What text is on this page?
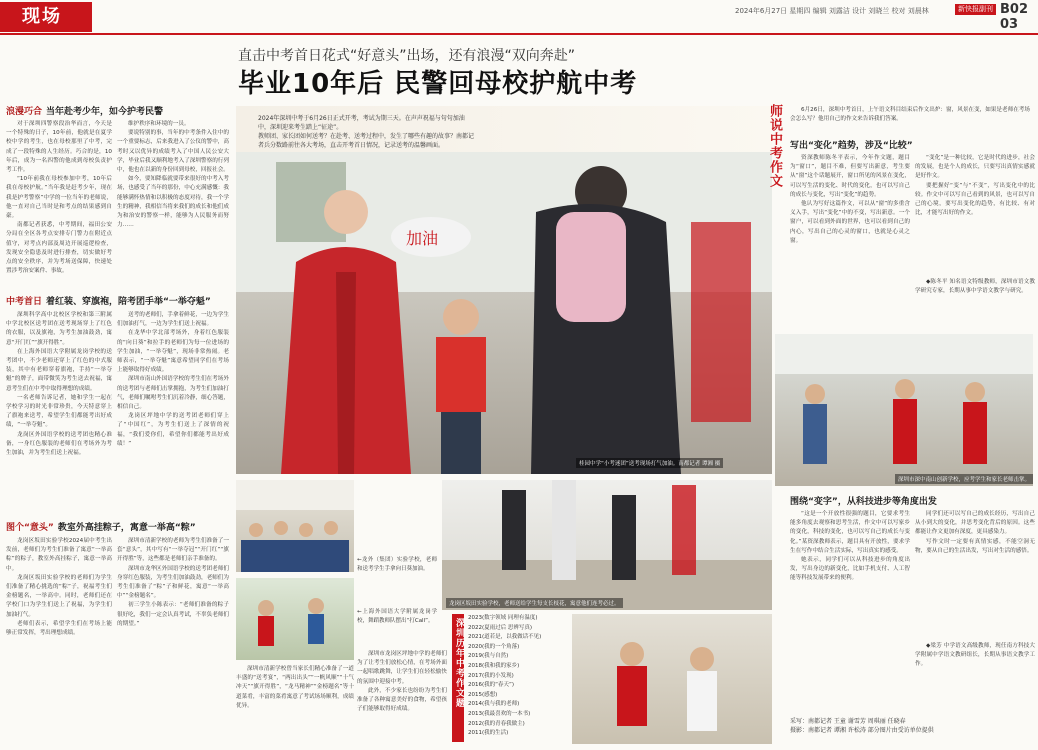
现场	2024年6月27日 星期四 编辑 刘露洁 设计 刘晓兰 校对 刘晨林	新快报副刊 B02 03
直击中考首日花式“好意头”出场，还有浪漫“双向奔赴”
毕业10年后 民警回母校护航中考
浪漫巧合 当年赴考少年，如今护考民警

对于深圳四警察段治华而言，今天是一个特殊的日子，10年前，他就是在夏学校中学的考生，也在母校那里了中考，完成了一段特殊的人生经历。巧合的是，10年后，成为一名四警的他成到母校负责护考工作。

“10年前我在母校参加中考，10年后我在母校护航。”当年我是赶考少年，现在我是护考警察”中学的一位当年的老师说，他一直对自己当时是和考点的结果感到自豪。

南都记者获悉，中考期间，福田公安分局在全区各考点安排专门警力在附近点值守，对考点内部及周边开展巡逻检查，发现安全隐患及时进行排查，切实做好考点的安全秩序，并为考场送保障，快速处置涉考治安案件、事故。

维护秩序和环境的一员。

要说特别的事，当年的中考条件入住中的一个重要标志，后来我进入了公仪的警中，高考时又以优异的成绩考入了中国人民公安大学，毕业后我又顺利地考入了深圳警察的行列中，他也在以新的身份回到母校，回报社会。

如今，要知降临就要带来很好的中考入考场，也感受了当年的那份，中心充满感慨：我能够满怀热情和以积极的态度对待，我一个学生的精神，我相信当将来我们的成长和他们成为和治安的警察一样，能够为人民服务而努力……

中考首日 着红装、穿旗袍，陪考团手举“一举夺魁”

深圳科学高中北校区学校和第三附属中学北校区送考团在送考现场穿上了红色的衣服，以及旗袍，为考生加油鼓劲，寓意“开门红”“旗开得胜”。

在上海外国语大学附属龙岗学校的送考团中，不少老师还穿上了红色的中式服装，其中有老师穿着旗袍，手持“一举夺魁”的牌子，面带微笑为考生送去祝福，寓意考生们在中考中取得理想的成绩。

一名老师告诉记者，她和学生一起在学校学习的时光非常珍贵，今天特意穿上了旗袍来送考，希望学生们都能考出好成绩，“一举夺魁”。

龙岗区外国语学校的送考团也精心准备，一身红色服装的老师们在考场外为考生加油，并为考生们送上祝福。

送考的老师们，手拿着鲜花，一边为学生们加油打气，一边为学生们送上祝福。

在龙华中学北部考场外，身着红色服装的“向日葵”和拉手的老师们为每一位进场的学生加油，“一举夺魁”，现场非常热闹。老师表示，“一举夺魁”寓意希望同学们在考场上能够取得好成绩。

深圳市南山外国语学校的考生们在考场外的送考团与老师们击掌拥抱，为考生们加油打气，老师们嘱咐考生们沉着冷静，细心答题，相信自己。

龙岗区坪地中学的送考团老师们穿上了“中国红”，为考生们送上了深情的祝福，“我们爱你们，希望你们都能考出好成绩！”

图个“意头” 教室外高挂粽子，寓意一举高“粽”

龙岗区坂田实验学校2024届中考生出发前，老师们为考生们准备了寓意“一举高粽”的粽子，教室外高挂粽子，寓意一举高中。

龙岗区坂田实验学校的老师们为学生们准备了精心挑选的“粽”子，祝福考生们金榜题名，一举高中。同时，老师们还在学校门口为学生们送上了祝福，为学生们加油打气。

老师们表示，希望学生们在考场上能够正常发挥，考出理想成绩。

深圳市清新学校的老师为考生们准备了一套“意头”，其中写有“一举夺冠”“开门红”“旗开得胜”等，这些都是老师们亲手准备的。

深圳市龙华区外国语学校的送考团老师们身穿红色服装，为考生们加油鼓劲，老师们为考生们准备了“粽”子和鲜花，寓意“一举高中”“金榜题名”。

初三学生小陈表示：“老师们准备的粽子很好吃，我们一定会认真考试，不辜负老师们的期望。”

2024年深圳中考于6月26日正式开考，考试为期三天。在声声祝福与句句加油
中，深圳迎来考生踏上“征途”。
教师团、家长团如何送考？在赴考、送考过程中，发生了哪些有趣的故事？南都记
者兵分数路前往各大考场，直击开考首日情况，记录送考的温馨画面。
加油
桂园中学“小考迷团”送考现场打气加油。南都记者 谭湘 摄
←龙外（集团）实验学校，老师和送考学生手拿向日葵加油。
←上海外国语大学附属龙岗学校，舞蹈教师队摆出“打Call”。
龙岗区坂田实验学校，老师送给学生每支长枝花，寓意他们连考必过。

深圳市清新学校曾当家长们精心准备了一道丰盛的“送考宴”，“两出出头”“一帆风顺”“十气冲天”“旗开得胜”，“龙马精神”“金榜题名”等十道菜肴，丰富的菜肴寓意了考试场场顺利，成绩优异。

深圳市龙岗区坪地中学的老师们为了让考生们放松心情，在考场外面一起唱歌跳舞，让学生们在轻松愉快的氛围中迎接中考。

此外，不少家长也纷纷为考生们准备了各种寓意美好的食物，希望孩子们能够取得好成绩。

深圳历年中考作文题 2023(数字领域 同理有温度)
2022(夏雨过后 思辨写真)
2021(道若是，以我做话不见)
2020(我的一个角落)
2019(我与自然)
2018(我和我的家乡)
2017(我的小发现)
2016(我的“春天”)
2015(感想)
2014(我与我的老师)
2013(我最喜欢的一本书)
2012(我的青春我做主)
2011(我的生活)
师说中考作文	6月26日，深圳中考首日，上午语文科目结束后作文出炉：窗，风景在变，如果是老师在考场会怎么写？他用自己的作文来告诉我们答案。

写出“变化”趋势，涉及“比较”

资深教师陈冬平表示，今年作文题，题目为“窗口”，题目不难，但要写出新意，考生要从“窗”这个话题展开，窗口所见的风景在变化，可以写生活的变化、时代的变化，也可以写自己的成长与变化，写出“变化”的趋势。

他认为写好这篇作文，可以从“窗”的多重含义入手，写出“变化”中的不变，写出新意。一个窗户，可以看到外面的世界，也可以看到自己的内心，写出自己的心灵的窗口，也就是心灵之窗。

“变化”是一种比较，它是时代的进步，社会的发展，也是个人的成长，只要写出真情实感就是好作文。

要把握好“变”与“不变”，写出变化中的比较。作文中可以写自己看到的风景，也可以写自己的心境，要写出变化的趋势，有比较、有对比，才能写出好的作文。

◆陈冬平 知名语文特级教师，深圳市语文教学研究专家，长期从事中学语文教学与研究。

深圳市深中南山创新学校，应考学生和家长老师击掌。
围绕“变字”，从科技进步等角度出发

“这是一个开放性很强的题目，它要求考生能多角度去观察和思考生活，作文中可以写家乡的变化，科技的变化，也可以写自己的成长与变化。”某资深教师表示，题目具有开放性，要求学生在写作中结合生活实际，写出真实的感受。

她表示，同学们可以从科技进步的角度出发，写出身边的新变化，比如手机支付、人工智能等科技发展带来的便利。

同学们还可以写自己的成长经历，写出自己从小到大的变化，并思考变化背后的原因。这些都能让作文更加有深度，更具感染力。

写作文时一定要有真情实感，不能空洞无物，要从自己的生活出发，写出对生活的感悟。

◆梁芳 中学语文高级教师，现任南方科技大学附属中学语文教研组长，长期从事语文教学工作。

采写：南都记者 王童 谢雪芳 周琪丽 任晓春
摄影：南都记者 谭湘 许松涛 部分图片由受访单位提供
